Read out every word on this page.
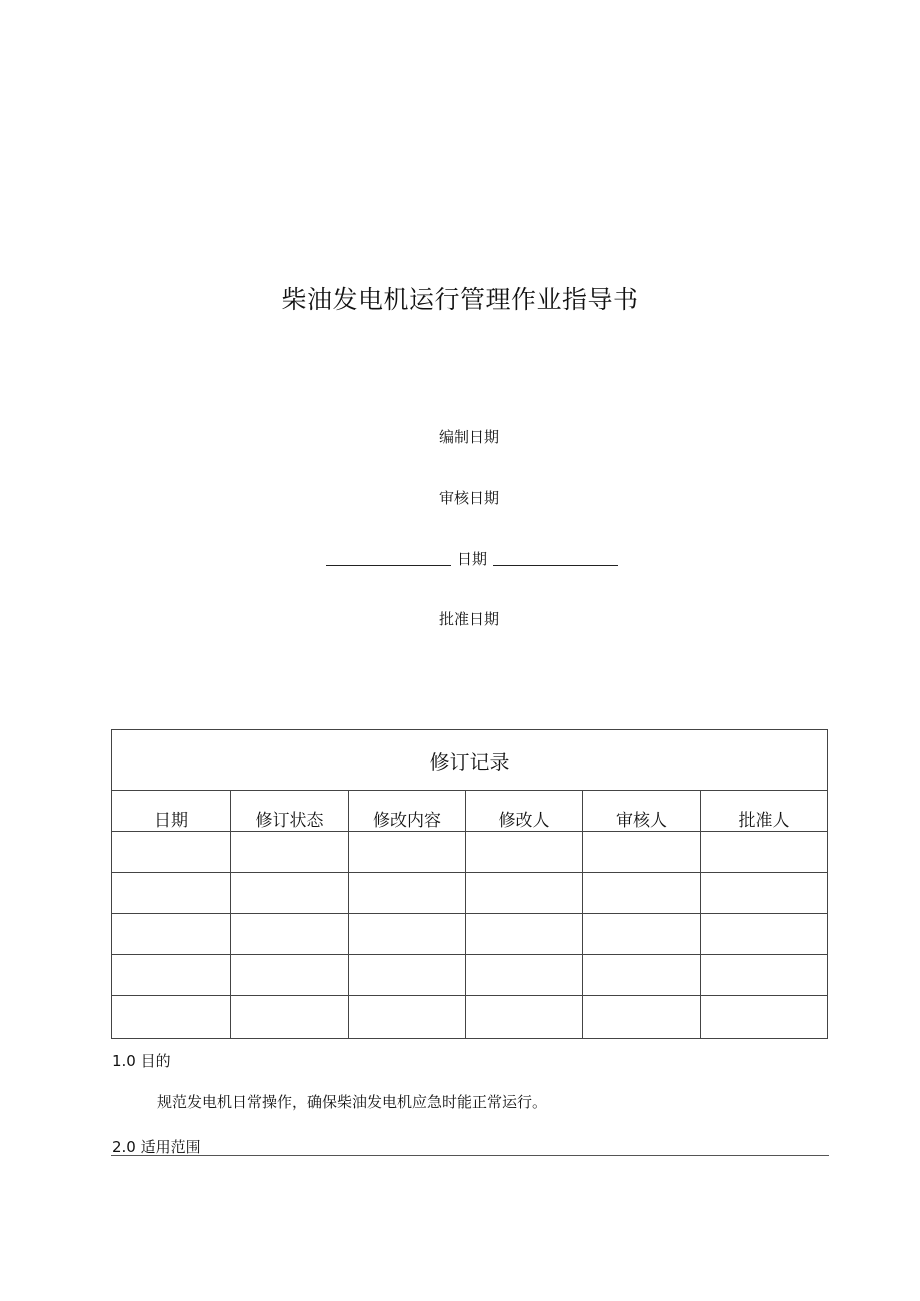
柴油发电机运行管理作业指导书
编制日期
审核日期
日期
批准日期
修订记录					
日期	修订状态	修改内容	修改人	审核人	批准人

1.0 目的
规范发电机日常操作，确保柴油发电机应急时能正常运行。
2.0 适用范围
